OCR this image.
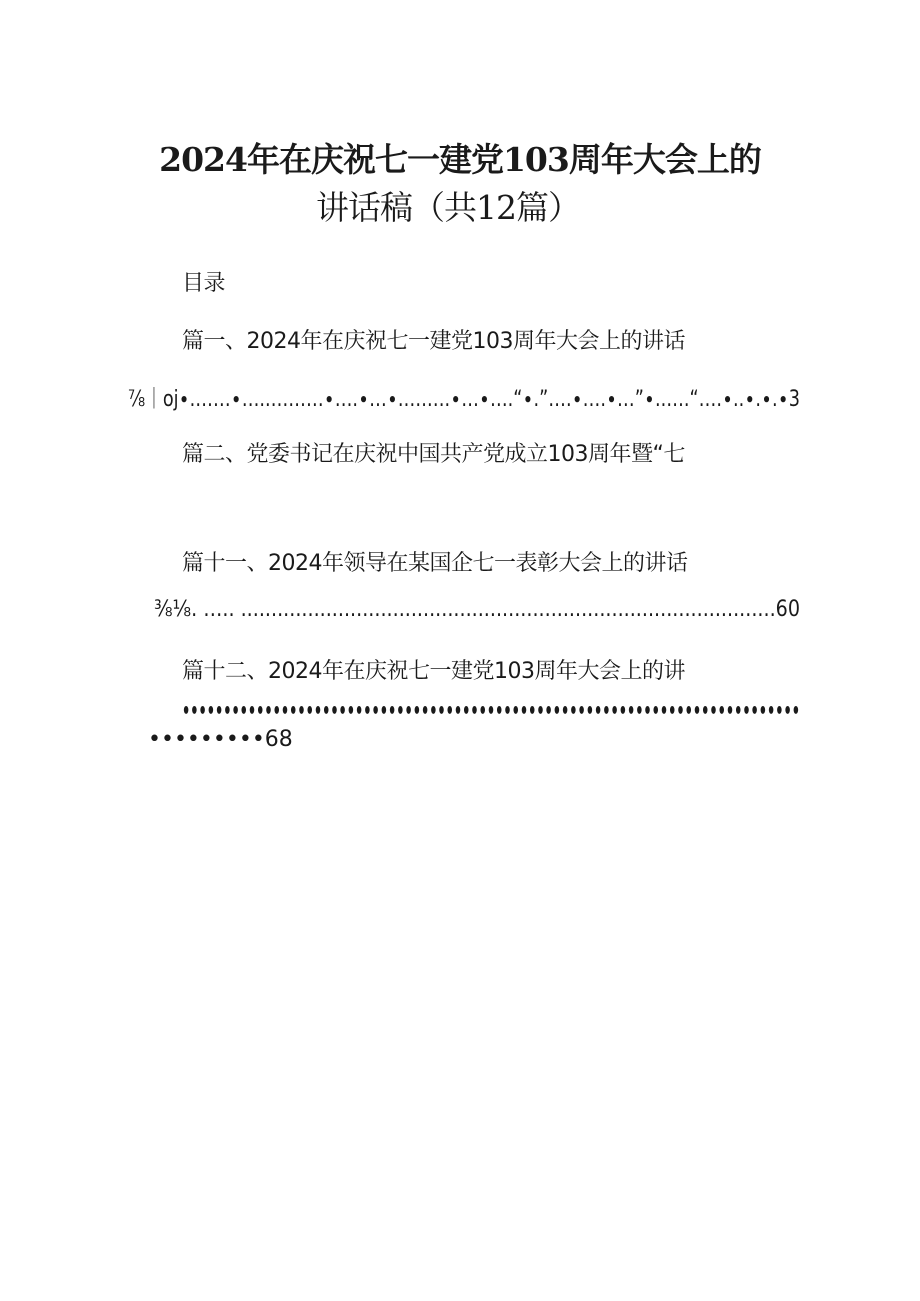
2024年在庆祝七一建党103周年大会上的
讲话稿（共12篇）
目录
篇一、2024年在庆祝七一建党103周年大会上的讲话
⅞｜oj∙.……∙…..………∙….∙…∙.….….∙…∙….“∙.”….∙….∙…”∙..….“….∙..∙.∙.∙3
篇二、党委书记在庆祝中国共产党成立103周年暨“七
篇十一、2024年领导在某国企七一表彰大会上的讲话
⅜⅛. ….. ........................................................................................60
篇十二、2024年在庆祝七一建党103周年大会上的讲
•••••••••••••••••••••••••••••••••••••••••••••••••••••••••••••••••••••••••••
•••••••••68
